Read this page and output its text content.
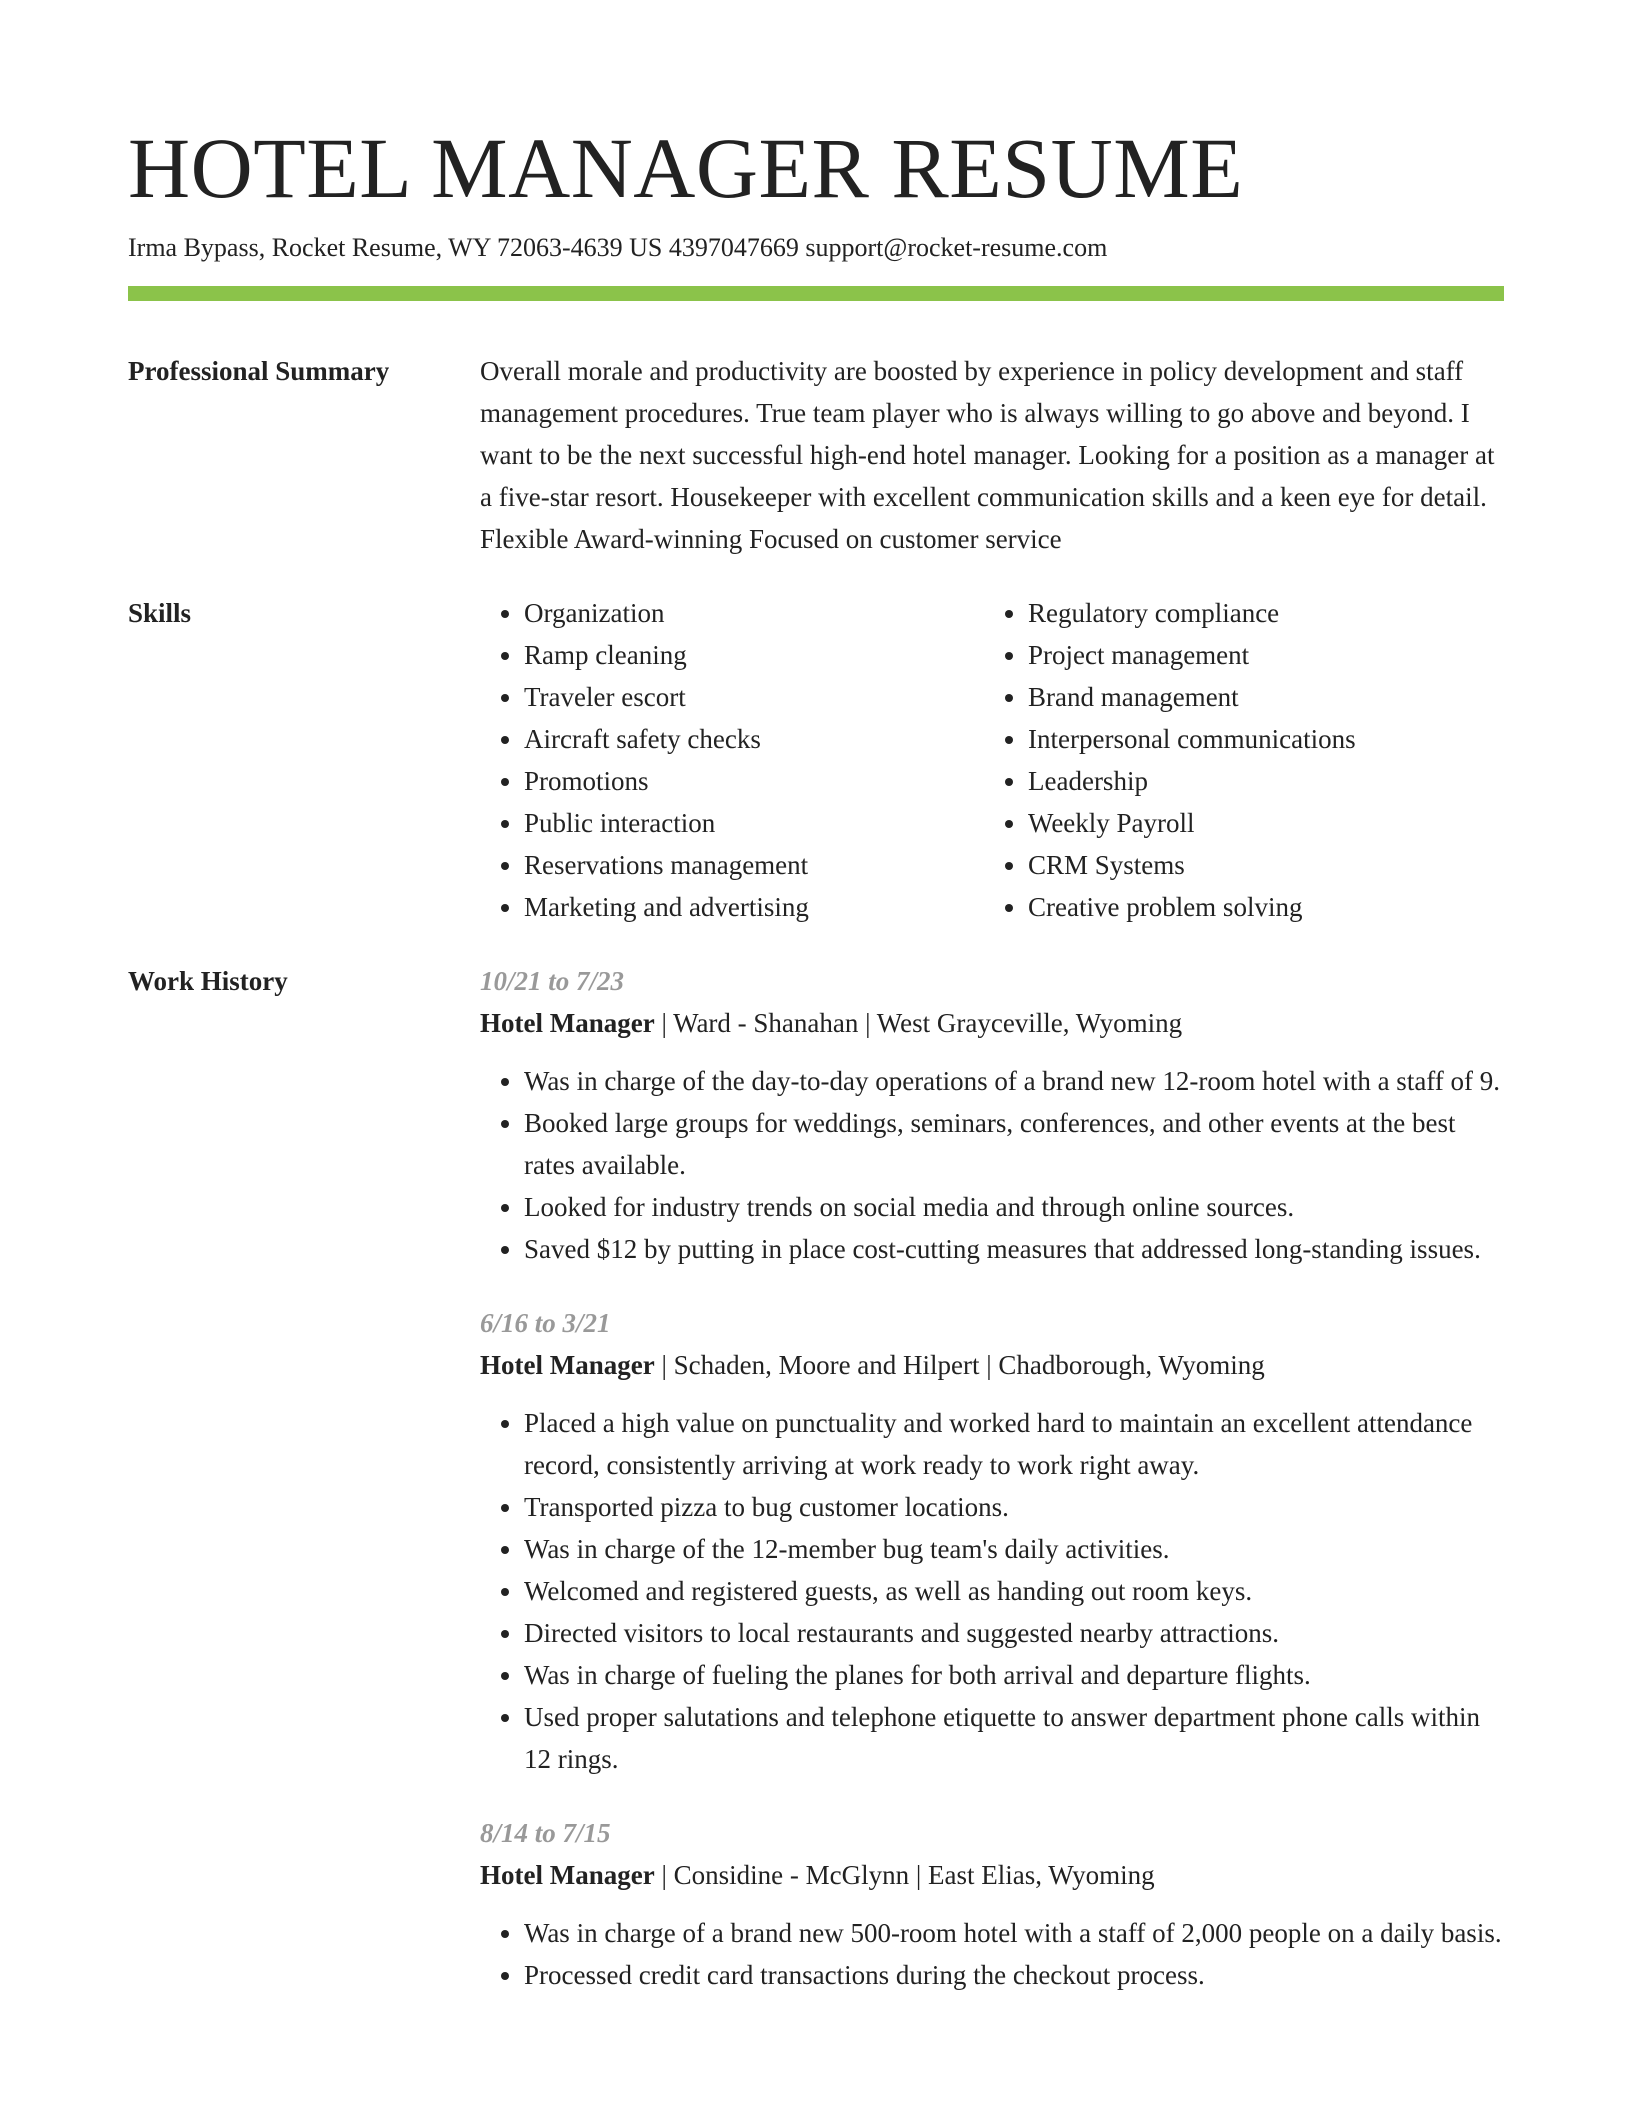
HOTEL MANAGER RESUME
Irma Bypass, Rocket Resume, WY 72063-4639 US 4397047669 support@rocket-resume.com
Professional Summary	Overall morale and productivity are boosted by experience in policy development and staff management procedures. True team player who is always willing to go above and beyond. I want to be the next successful high-end hotel manager. Looking for a position as a manager at a five-star resort. Housekeeper with excellent communication skills and a keen eye for detail. Flexible Award-winning Focused on customer service

Skills
•	Organization
• Ramp cleaning
• Traveler escort
• Aircraft safety checks
• Promotions
• Public interaction
• Reservations management
• Marketing and advertising
• Regulatory compliance
• Project management
• Brand management
• Interpersonal communications
• Leadership
• Weekly Payroll
• CRM Systems
• Creative problem solving
Work History	10/21 to 7/23
Hotel Manager | Ward - Shanahan | West Grayceville, Wyoming
• Was in charge of the day-to-day operations of a brand new 12-room hotel with a staff of 9.
• Booked large groups for weddings, seminars, conferences, and other events at the best rates available.
• Looked for industry trends on social media and through online sources.
• Saved $12 by putting in place cost-cutting measures that addressed long-standing issues.
6/16 to 3/21
Hotel Manager | Schaden, Moore and Hilpert | Chadborough, Wyoming
• Placed a high value on punctuality and worked hard to maintain an excellent attendance record, consistently arriving at work ready to work right away.
• Transported pizza to bug customer locations.
• Was in charge of the 12-member bug team's daily activities.
• Welcomed and registered guests, as well as handing out room keys.
• Directed visitors to local restaurants and suggested nearby attractions.
• Was in charge of fueling the planes for both arrival and departure flights.
• Used proper salutations and telephone etiquette to answer department phone calls within 12 rings.
8/14 to 7/15
Hotel Manager | Considine - McGlynn | East Elias, Wyoming
• Was in charge of a brand new 500-room hotel with a staff of 2,000 people on a daily basis.
• Processed credit card transactions during the checkout process.
